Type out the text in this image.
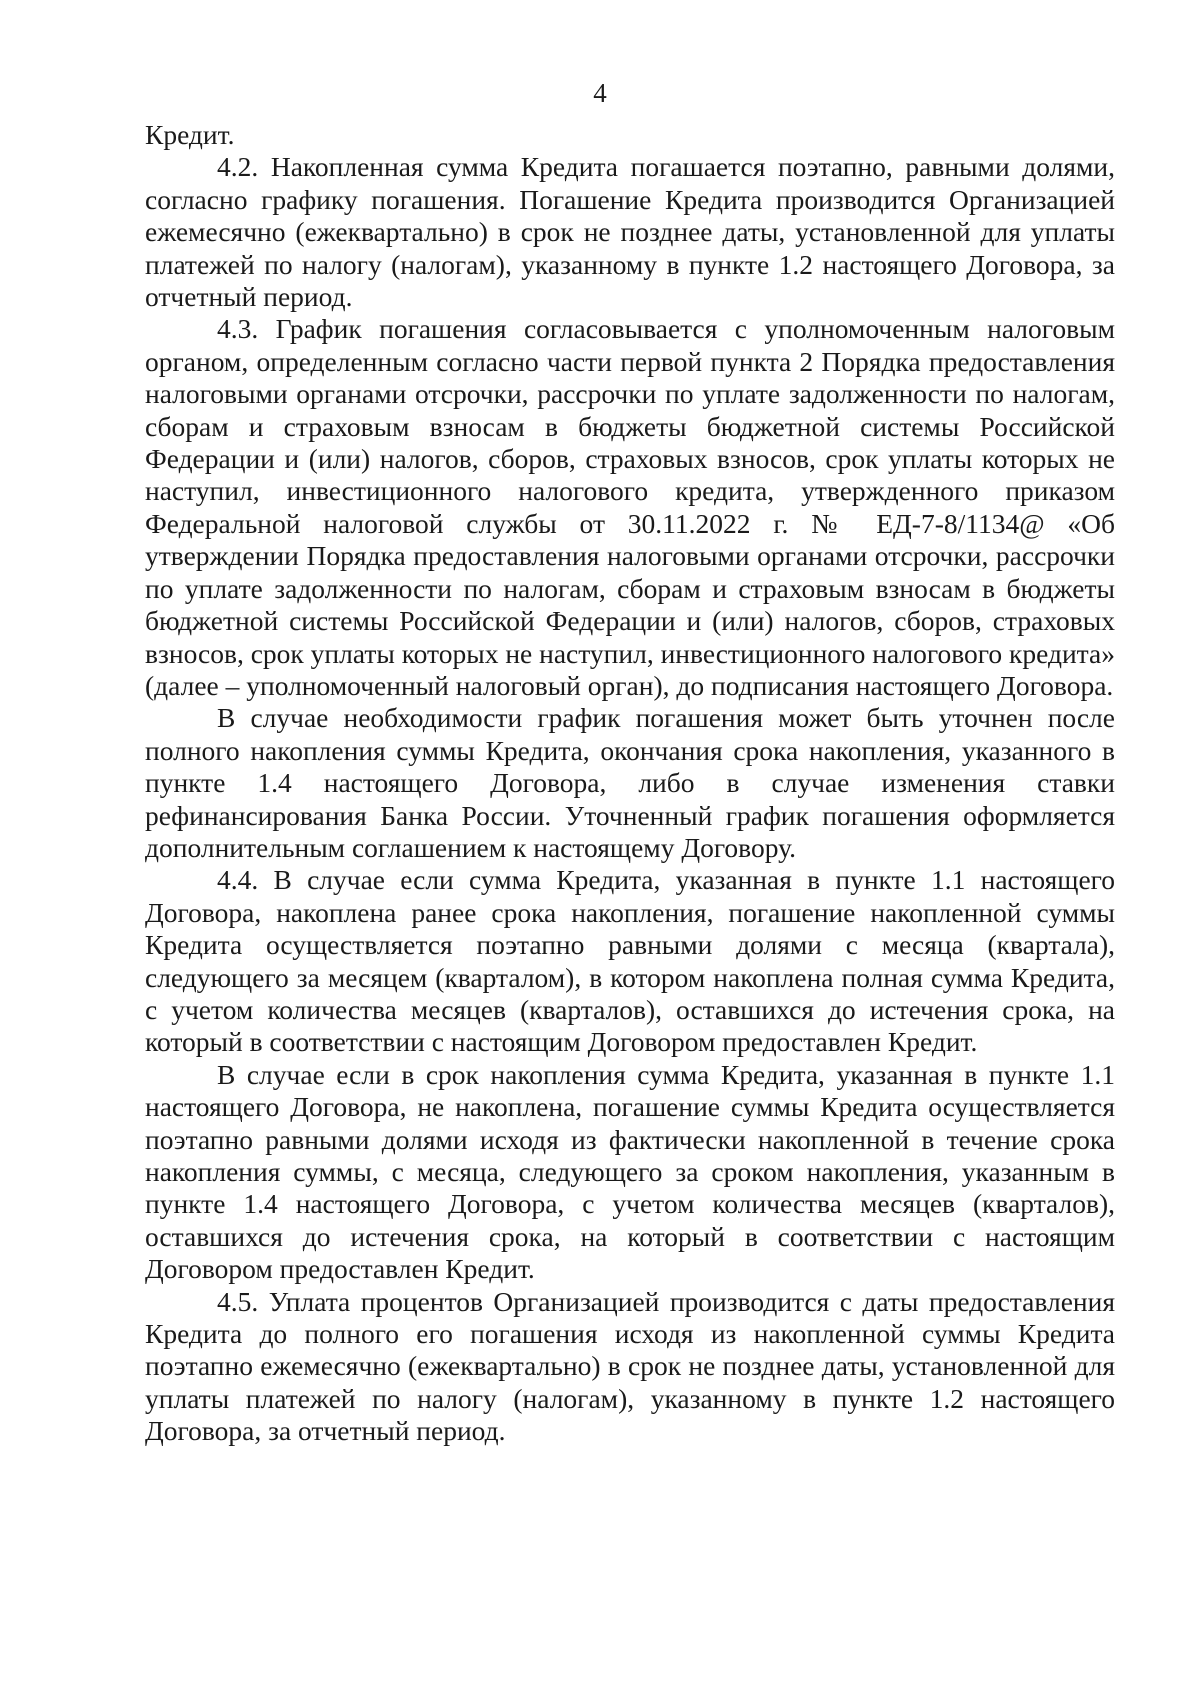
4

Кредит.

4.2. Накопленная сумма Кредита погашается поэтапно, равными долями, согласно графику погашения. Погашение Кредита производится Организацией ежемесячно (ежеквартально) в срок не позднее даты, установленной для уплаты платежей по налогу (налогам), указанному в пункте 1.2 настоящего Договора, за отчетный период.

4.3. График погашения согласовывается с уполномоченным налоговым органом, определенным согласно части первой пункта 2 Порядка предоставления налоговыми органами отсрочки, рассрочки по уплате задолженности по налогам, сборам и страховым взносам в бюджеты бюджетной системы Российской Федерации и (или) налогов, сборов, страховых взносов, срок уплаты которых не наступил, инвестиционного налогового кредита, утвержденного приказом Федеральной налоговой службы от 30.11.2022 г. № ЕД-7-8/1134@ «Об утверждении Порядка предоставления налоговыми органами отсрочки, рассрочки по уплате задолженности по налогам, сборам и страховым взносам в бюджеты бюджетной системы Российской Федерации и (или) налогов, сборов, страховых взносов, срок уплаты которых не наступил, инвестиционного налогового кредита» (далее – уполномоченный налоговый орган), до подписания настоящего Договора.

В случае необходимости график погашения может быть уточнен после полного накопления суммы Кредита, окончания срока накопления, указанного в пункте 1.4 настоящего Договора, либо в случае изменения ставки рефинансирования Банка России. Уточненный график погашения оформляется дополнительным соглашением к настоящему Договору.

4.4. В случае если сумма Кредита, указанная в пункте 1.1 настоящего Договора, накоплена ранее срока накопления, погашение накопленной суммы Кредита осуществляется поэтапно равными долями с месяца (квартала), следующего за месяцем (кварталом), в котором накоплена полная сумма Кредита, с учетом количества месяцев (кварталов), оставшихся до истечения срока, на который в соответствии с настоящим Договором предоставлен Кредит.

В случае если в срок накопления сумма Кредита, указанная в пункте 1.1 настоящего Договора, не накоплена, погашение суммы Кредита осуществляется поэтапно равными долями исходя из фактически накопленной в течение срока накопления суммы, с месяца, следующего за сроком накопления, указанным в пункте 1.4 настоящего Договора, с учетом количества месяцев (кварталов), оставшихся до истечения срока, на который в соответствии с настоящим Договором предоставлен Кредит.

4.5. Уплата процентов Организацией производится с даты предоставления Кредита до полного его погашения исходя из накопленной суммы Кредита поэтапно ежемесячно (ежеквартально) в срок не позднее даты, установленной для уплаты платежей по налогу (налогам), указанному в пункте 1.2 настоящего Договора, за отчетный период.
